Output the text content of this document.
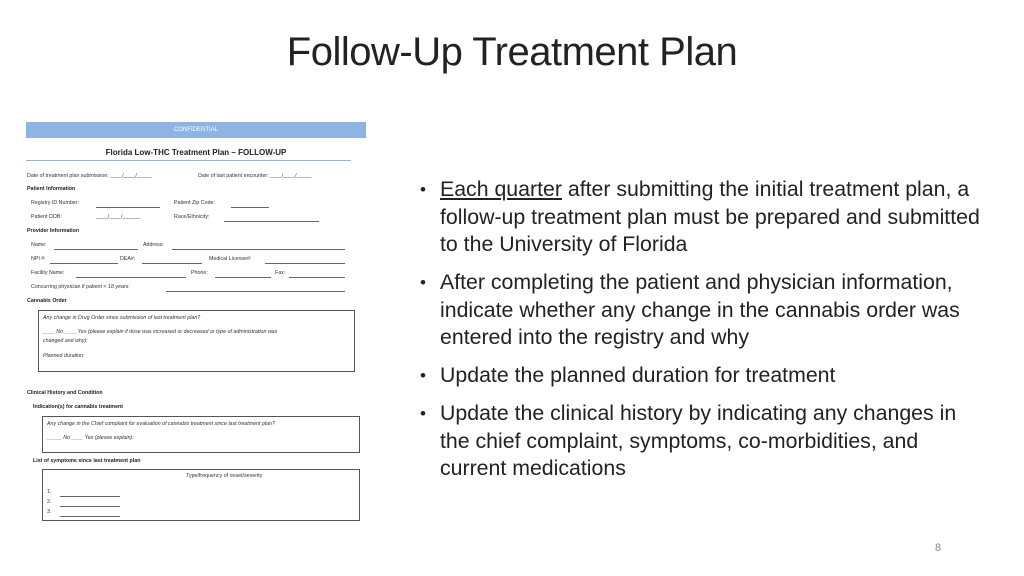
Follow-Up Treatment Plan
CONFIDENTIAL
Florida Low-THC Treatment Plan – FOLLOW-UP
Date of treatment plan submission: ____/____/_____	Date of last patient encounter: ____/____/_____
Patient Information
Registry ID Number:	Patient Zip Code:
Patient DOB:	____/____/______	Race/Ethnicity:
Provider Information
Name:	Address:
NPI #:	DEA#:	Medical License#:
Facility Name:	Phone:	Fax:
Concurring physician if patient < 18 years:
Cannabis Order
Any change in Drug Order since submission of last treatment plan?
____ No ____ Yes (please explain if dose was increased or decreased or type of administration was
changed and why):
Planned duration:
Clinical History and Condition
Indication(s) for cannabis treatment
Any change in the Chief complaint for evaluation of cannabis treatment since last treatment plan?
_____ No ____ Yes (please explain):
List of symptoms since last treatment plan
Type/frequency of onset/severity
1.
2.
3.
• Each quarter after submitting the initial treatment plan, a follow-up treatment plan must be prepared and submitted to the University of Florida
• After completing the patient and physician information, indicate whether any change in the cannabis order was entered into the registry and why
• Update the planned duration for treatment
• Update the clinical history by indicating any changes in the chief complaint, symptoms, co-morbidities, and current medications
8
